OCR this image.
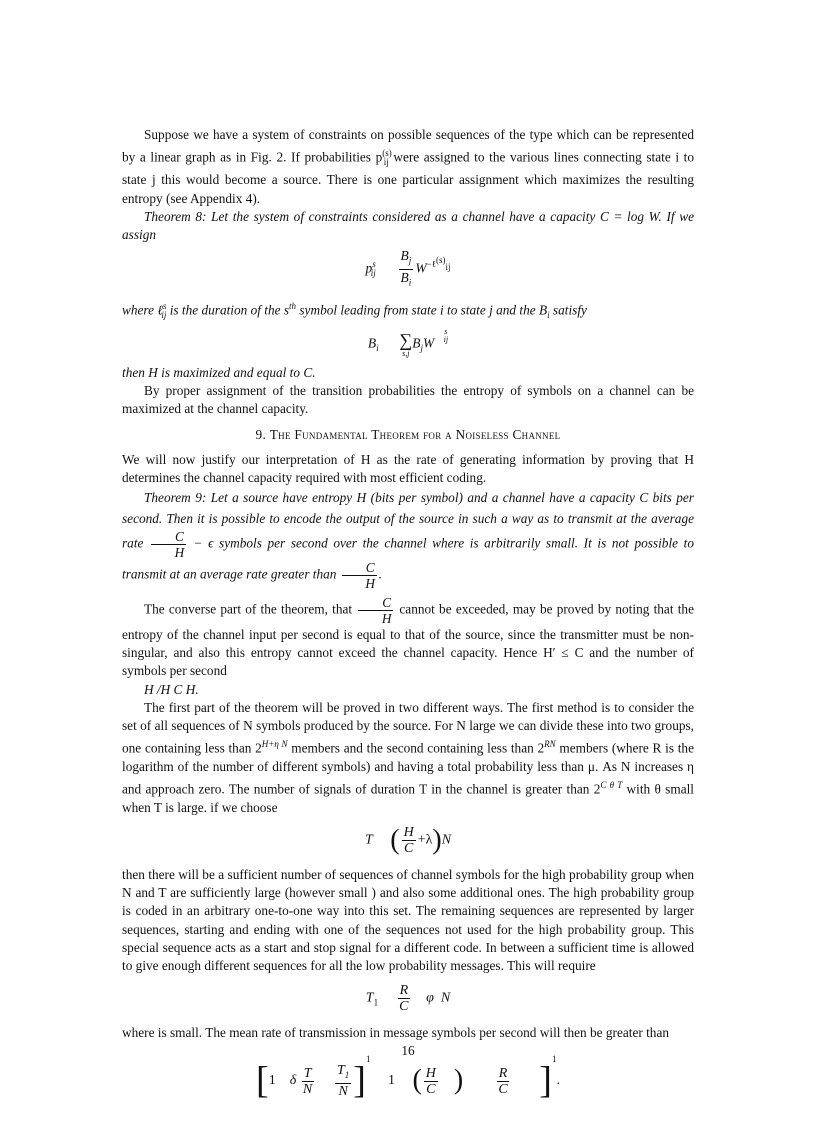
Suppose we have a system of constraints on possible sequences of the type which can be represented by a linear graph as in Fig. 2. If probabilities $p^{(s)}_{ij}$ were assigned to the various lines connecting state i to state j this would become a source. There is one particular assignment which maximizes the resulting entropy (see Appendix 4).

Theorem 8: Let the system of constraints considered as a channel have a capacity C = log W. If we assign

$p^s_{ij} \frac{B_j}{B_i} W^{-\ell^{(s)}_{ij}}$

where ℓ$^s_{ij}$ is the duration of the $s^{th}$ symbol leading from state i to state j and the $B_i$ satisfy

$B_i$ ∑
s,j
$B_jW$
s
ij

then H is maximized and equal to C.

By proper assignment of the transition probabilities the entropy of symbols on a channel can be maximized at the channel capacity.

9. The Fundamental Theorem for a Noiseless Channel

We will now justify our interpretation of H as the rate of generating information by proving that H determines the channel capacity required with most efficient coding.

Theorem 9: Let a source have entropy H (bits per symbol) and a channel have a capacity C bits per second. Then it is possible to encode the output of the source in such a way as to transmit at the average rate $\frac{C}{H} - \epsilon$ symbols per second over the channel where is arbitrarily small. It is not possible to transmit at an average rate greater than $\frac{C}{H}$ .

The converse part of the theorem, that $\frac{C}{H}$ cannot be exceeded, may be proved by noting that the entropy of the channel input per second is equal to that of the source, since the transmitter must be non-singular, and also this entropy cannot exceed the channel capacity. Hence H′ ≤ C and the number of symbols per second
H /H C H.

The first part of the theorem will be proved in two different ways. The first method is to consider the set of all sequences of N symbols produced by the source. For N large we can divide these into two groups, one containing less than $2^{H+\eta N}$ members and the second containing less than $2^{RN}$ members (where R is the logarithm of the number of different symbols) and having a total probability less than μ. As N increases η and approach zero. The number of signals of duration T in the channel is greater than $2^{C \theta T}$ with θ small when T is large. if we choose

T ( $\frac{H}{C} +\lambda)N$

then there will be a sufficient number of sequences of channel symbols for the high probability group when N and T are sufficiently large (however small ) and also some additional ones. The high probability group is coded in an arbitrary one-to-one way into this set. The remaining sequences are represented by larger sequences, starting and ending with one of the sequences not used for the high probability group. This special sequence acts as a start and stop signal for a different code. In between a sufficient time is allowed to give enough different sequences for all the low probability messages. This will require

$T_1 \frac{R}{C}$ φ N

where is small. The mean rate of transmission in message symbols per second will then be greater than

[1 δ $\frac{T}{N}$
$\frac{T_1}{N} ]^1$ 1 ( $\frac{H}{C}$ ) $\frac{R}{C} ]^1$.
16
